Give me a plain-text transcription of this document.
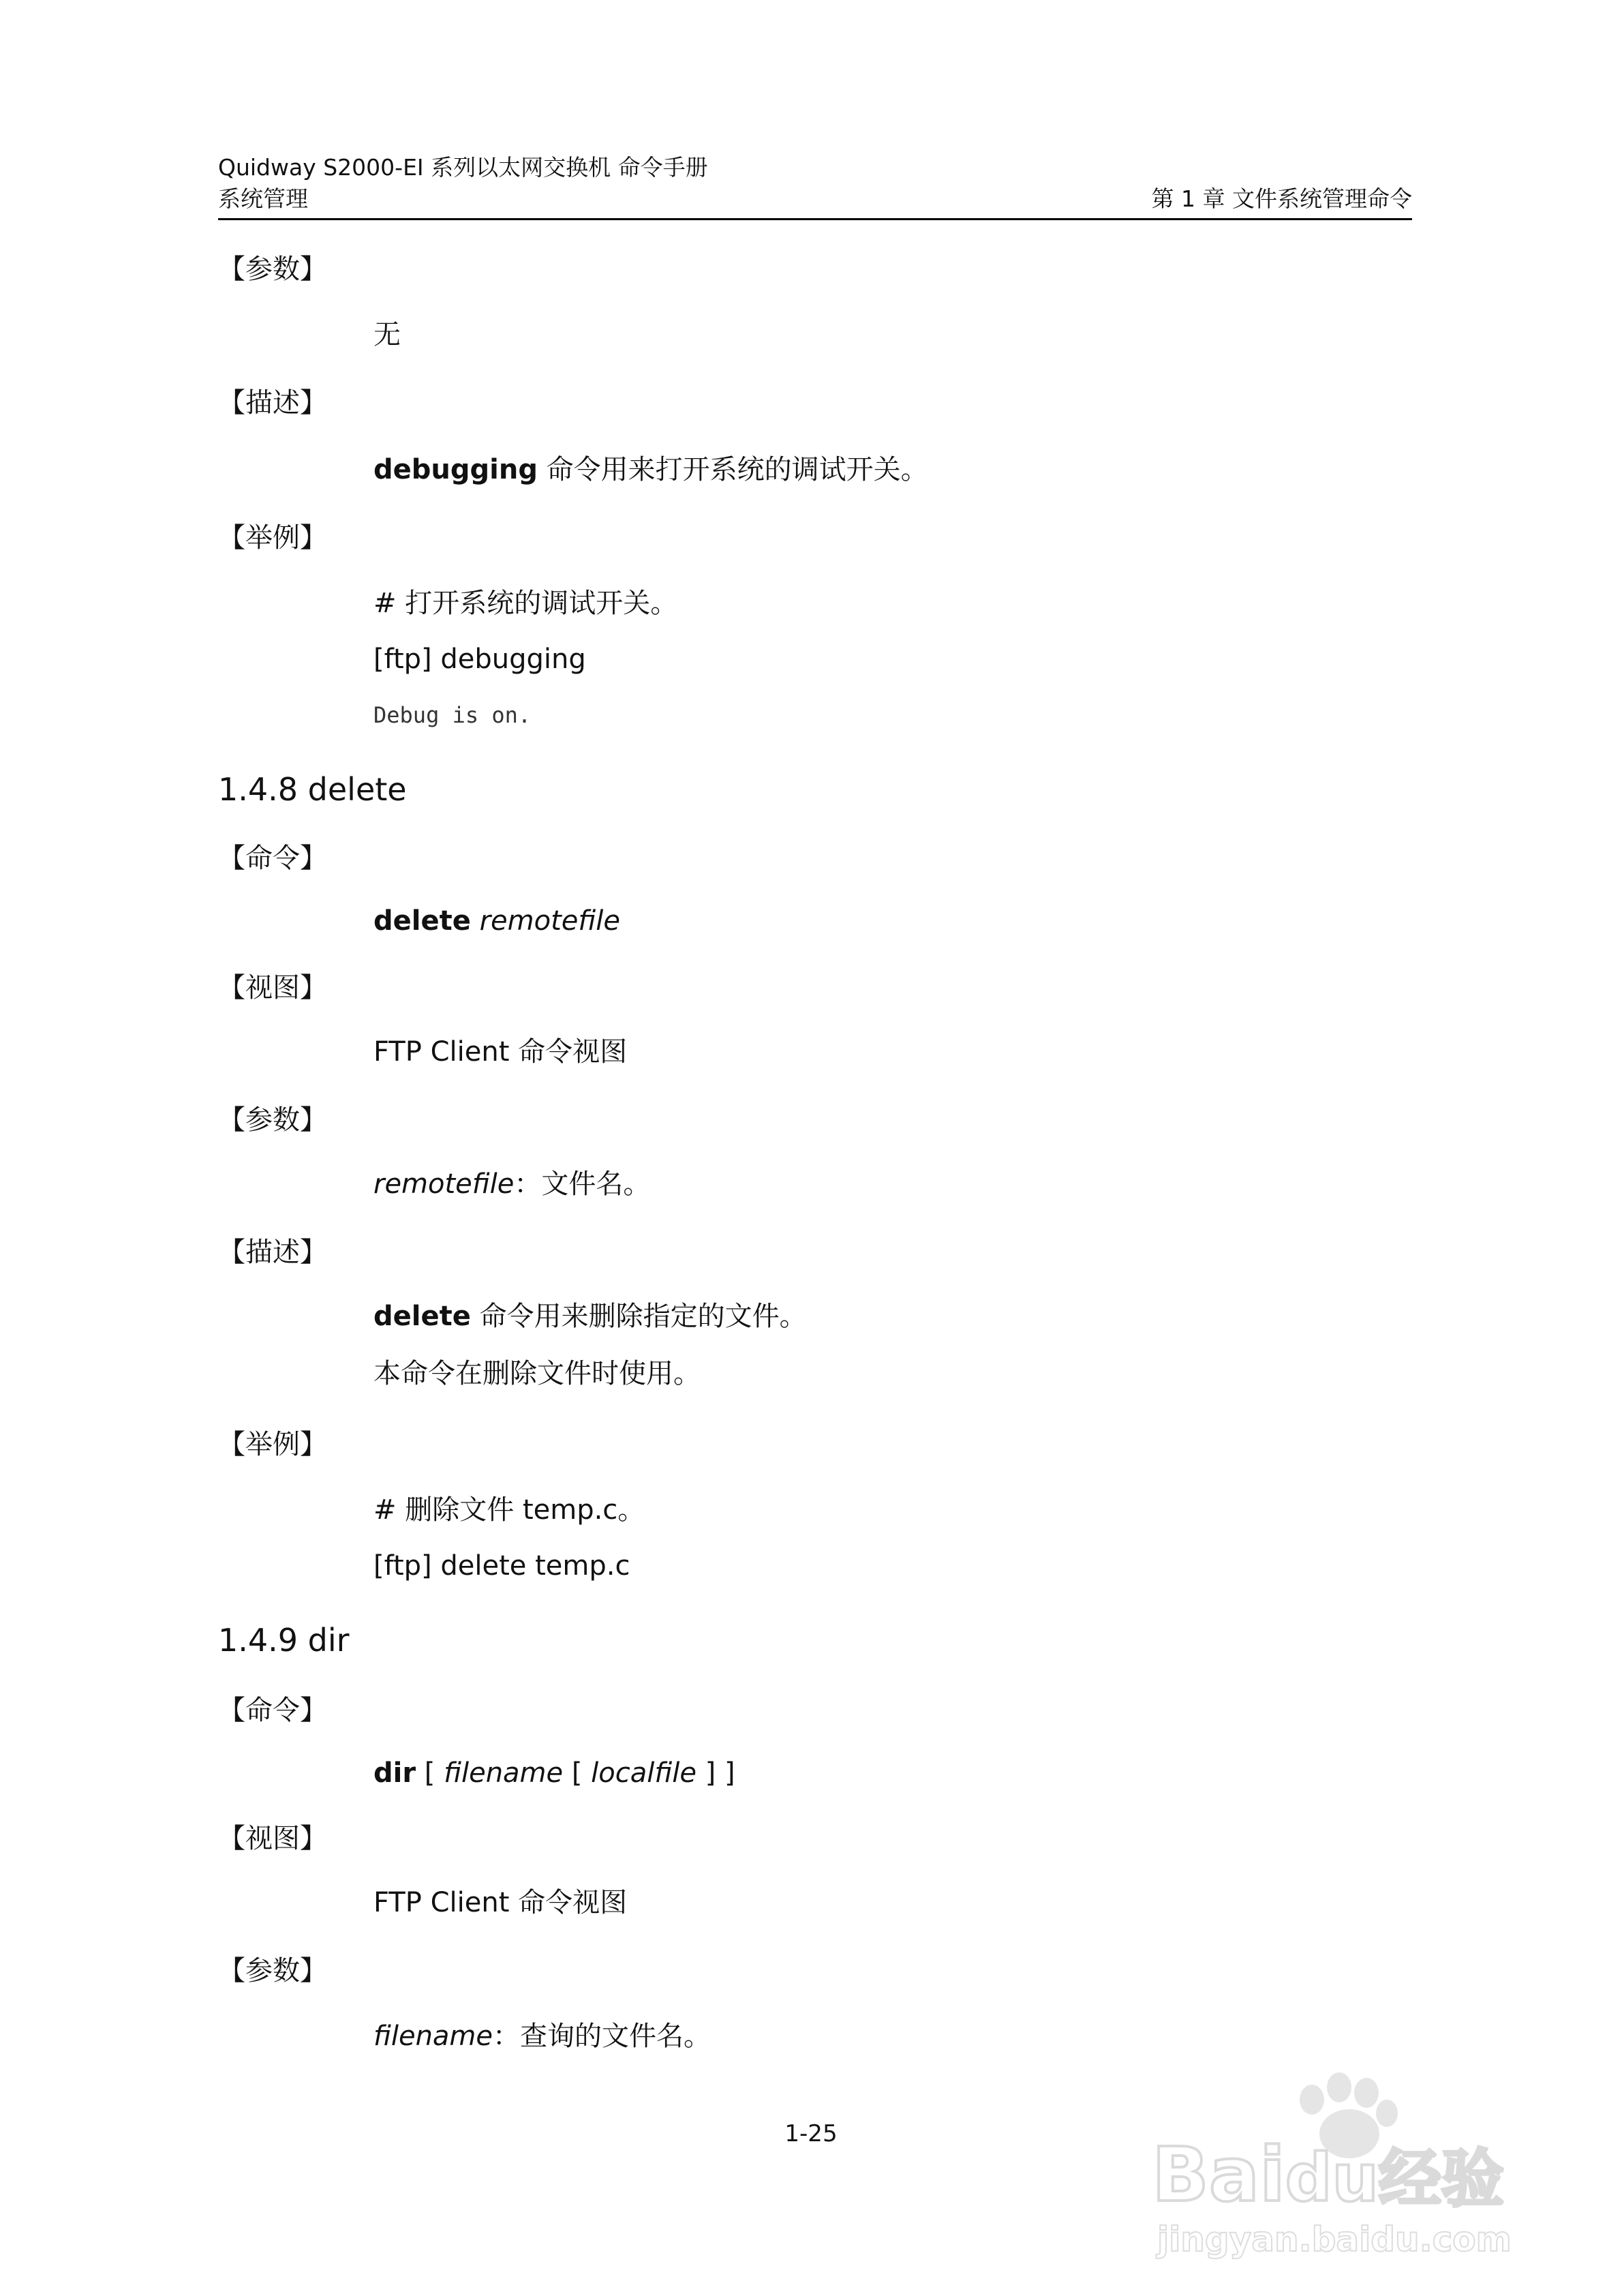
Quidway S2000-EI 系列以太网交换机 命令手册
系统管理	第 1 章 文件系统管理命令
【参数】
无
【描述】
debugging 命令用来打开系统的调试开关。
【举例】
# 打开系统的调试开关。
[ftp] debugging
Debug is on.
1.4.8 delete
【命令】
delete remotefile
【视图】
FTP Client 命令视图
【参数】
remotefile：文件名。
【描述】
delete 命令用来删除指定的文件。
本命令在删除文件时使用。
【举例】
# 删除文件 temp.c。
[ftp] delete temp.c
1.4.9 dir
【命令】
dir [ filename [ localfile ] ]
【视图】
FTP Client 命令视图
【参数】
filename：查询的文件名。
1-25	Baidu经验
jingyan.baidu.com
